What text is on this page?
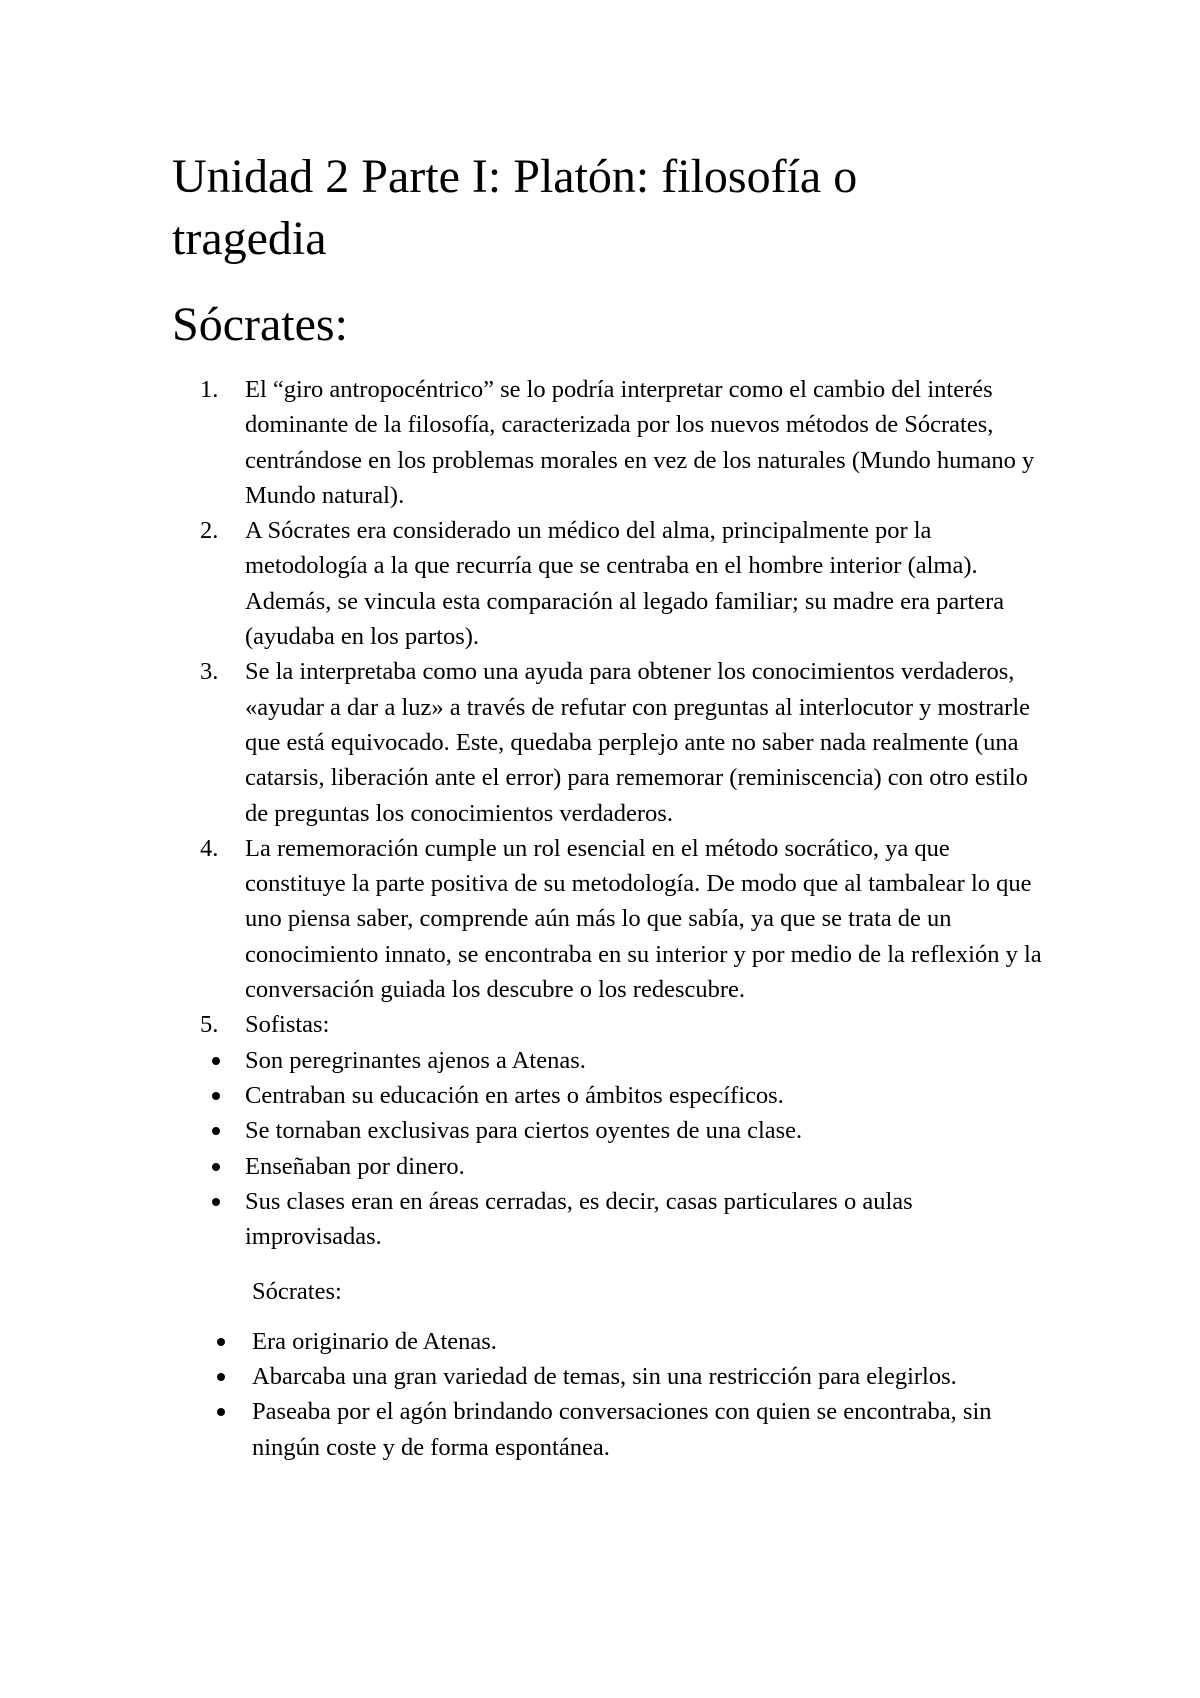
Unidad 2 Parte I: Platón: filosofía o tragedia
Sócrates:
1.	El “giro antropocéntrico” se lo podría interpretar como el cambio del interés dominante de la filosofía, caracterizada por los nuevos métodos de Sócrates, centrándose en los problemas morales en vez de los naturales (Mundo humano y Mundo natural).
2.	A Sócrates era considerado un médico del alma, principalmente por la metodología a la que recurría que se centraba en el hombre interior (alma). Además, se vincula esta comparación al legado familiar; su madre era partera (ayudaba en los partos).
3.	Se la interpretaba como una ayuda para obtener los conocimientos verdaderos, «ayudar a dar a luz» a través de refutar con preguntas al interlocutor y mostrarle que está equivocado. Este, quedaba perplejo ante no saber nada realmente (una catarsis, liberación ante el error) para rememorar (reminiscencia) con otro estilo de preguntas los conocimientos verdaderos.
4.	La rememoración cumple un rol esencial en el método socrático, ya que constituye la parte positiva de su metodología. De modo que al tambalear lo que uno piensa saber, comprende aún más lo que sabía, ya que se trata de un conocimiento innato, se encontraba en su interior y por medio de la reflexión y la conversación guiada los descubre o los redescubre.
5.	Sofistas:
Son peregrinantes ajenos a Atenas.
Centraban su educación en artes o ámbitos específicos.
Se tornaban exclusivas para ciertos oyentes de una clase.
Enseñaban por dinero.
Sus clases eran en áreas cerradas, es decir, casas particulares o aulas improvisadas.
Sócrates:
Era originario de Atenas.
Abarcaba una gran variedad de temas, sin una restricción para elegirlos.
Paseaba por el agón brindando conversaciones con quien se encontraba, sin ningún coste y de forma espontánea.
